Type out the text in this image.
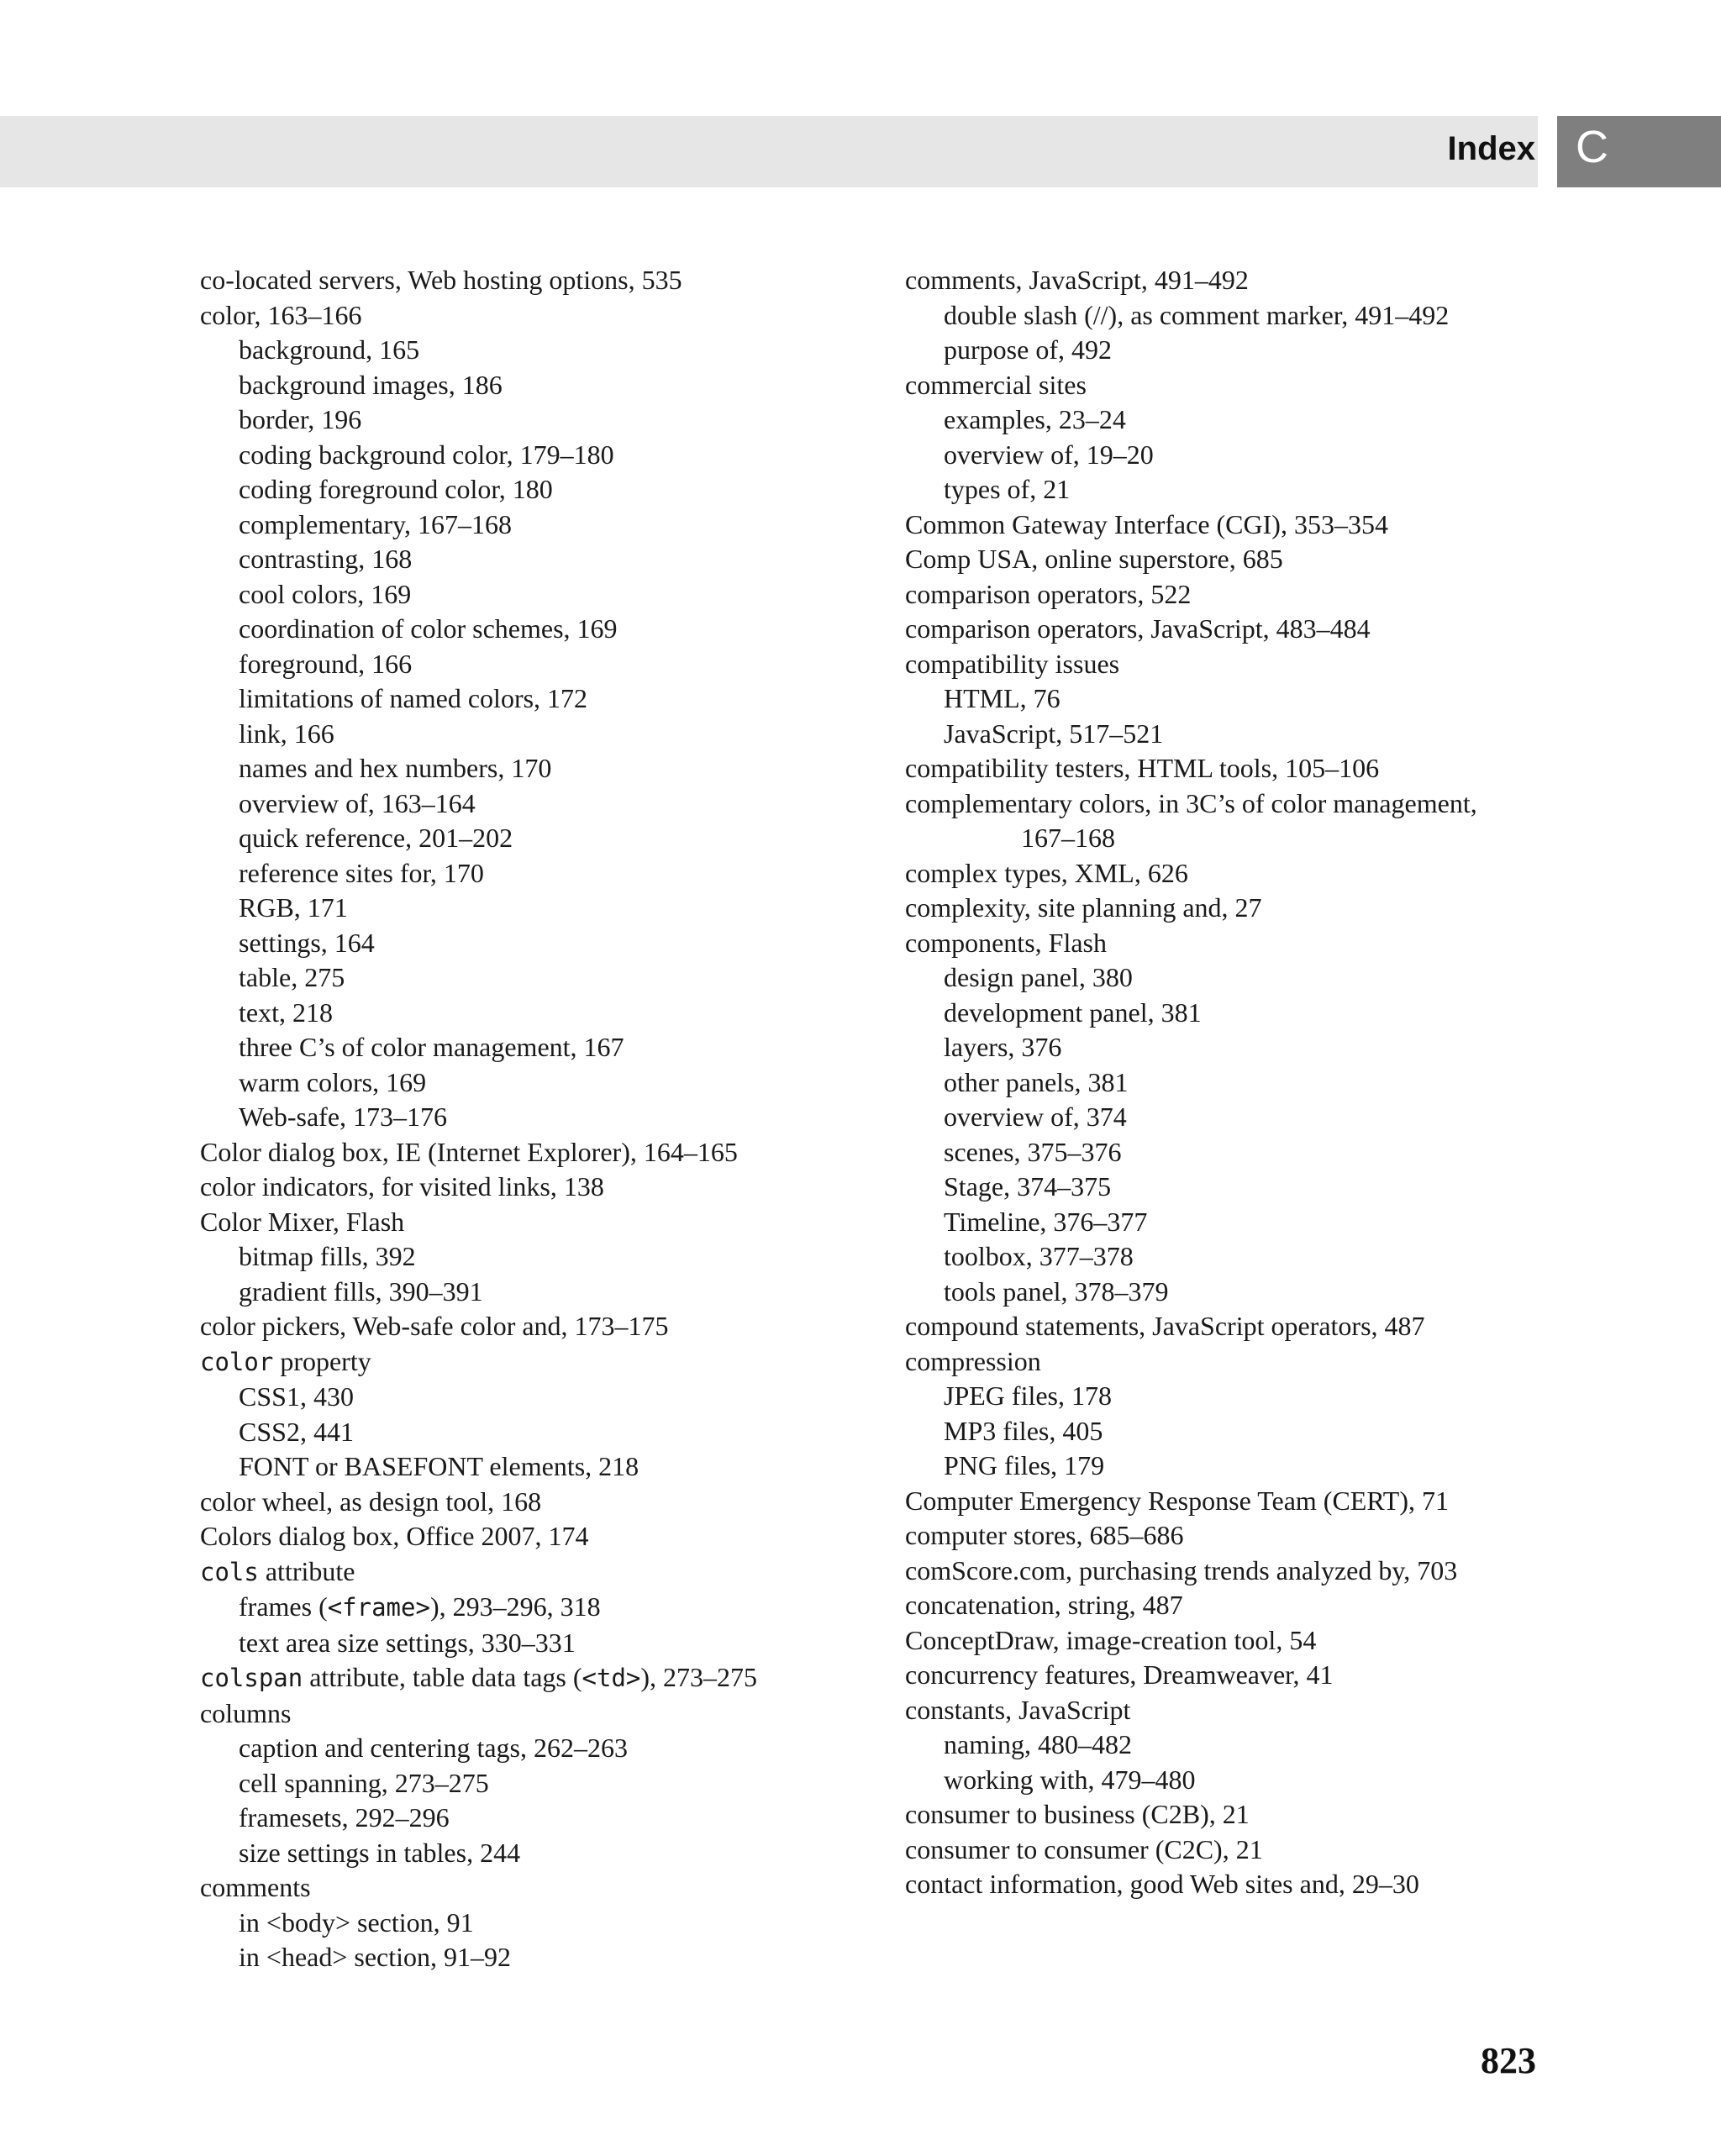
Index C
co-located servers, Web hosting options, 535
color, 163–166
background, 165
background images, 186
border, 196
coding background color, 179–180
coding foreground color, 180
complementary, 167–168
contrasting, 168
cool colors, 169
coordination of color schemes, 169
foreground, 166
limitations of named colors, 172
link, 166
names and hex numbers, 170
overview of, 163–164
quick reference, 201–202
reference sites for, 170
RGB, 171
settings, 164
table, 275
text, 218
three C’s of color management, 167
warm colors, 169
Web-safe, 173–176
Color dialog box, IE (Internet Explorer), 164–165
color indicators, for visited links, 138
Color Mixer, Flash
bitmap fills, 392
gradient fills, 390–391
color pickers, Web-safe color and, 173–175
color property
CSS1, 430
CSS2, 441
FONT or BASEFONT elements, 218
color wheel, as design tool, 168
Colors dialog box, Office 2007, 174
cols attribute
frames (<frame>), 293–296, 318
text area size settings, 330–331
colspan attribute, table data tags (<td>), 273–275
columns
caption and centering tags, 262–263
cell spanning, 273–275
framesets, 292–296
size settings in tables, 244
comments
in <body> section, 91
in <head> section, 91–92
comments, JavaScript, 491–492
double slash (//), as comment marker, 491–492
purpose of, 492
commercial sites
examples, 23–24
overview of, 19–20
types of, 21
Common Gateway Interface (CGI), 353–354
Comp USA, online superstore, 685
comparison operators, 522
comparison operators, JavaScript, 483–484
compatibility issues
HTML, 76
JavaScript, 517–521
compatibility testers, HTML tools, 105–106
complementary colors, in 3C’s of color management, 167–168
complex types, XML, 626
complexity, site planning and, 27
components, Flash
design panel, 380
development panel, 381
layers, 376
other panels, 381
overview of, 374
scenes, 375–376
Stage, 374–375
Timeline, 376–377
toolbox, 377–378
tools panel, 378–379
compound statements, JavaScript operators, 487
compression
JPEG files, 178
MP3 files, 405
PNG files, 179
Computer Emergency Response Team (CERT), 71
computer stores, 685–686
comScore.com, purchasing trends analyzed by, 703
concatenation, string, 487
ConceptDraw, image-creation tool, 54
concurrency features, Dreamweaver, 41
constants, JavaScript
naming, 480–482
working with, 479–480
consumer to business (C2B), 21
consumer to consumer (C2C), 21
contact information, good Web sites and, 29–30
823
